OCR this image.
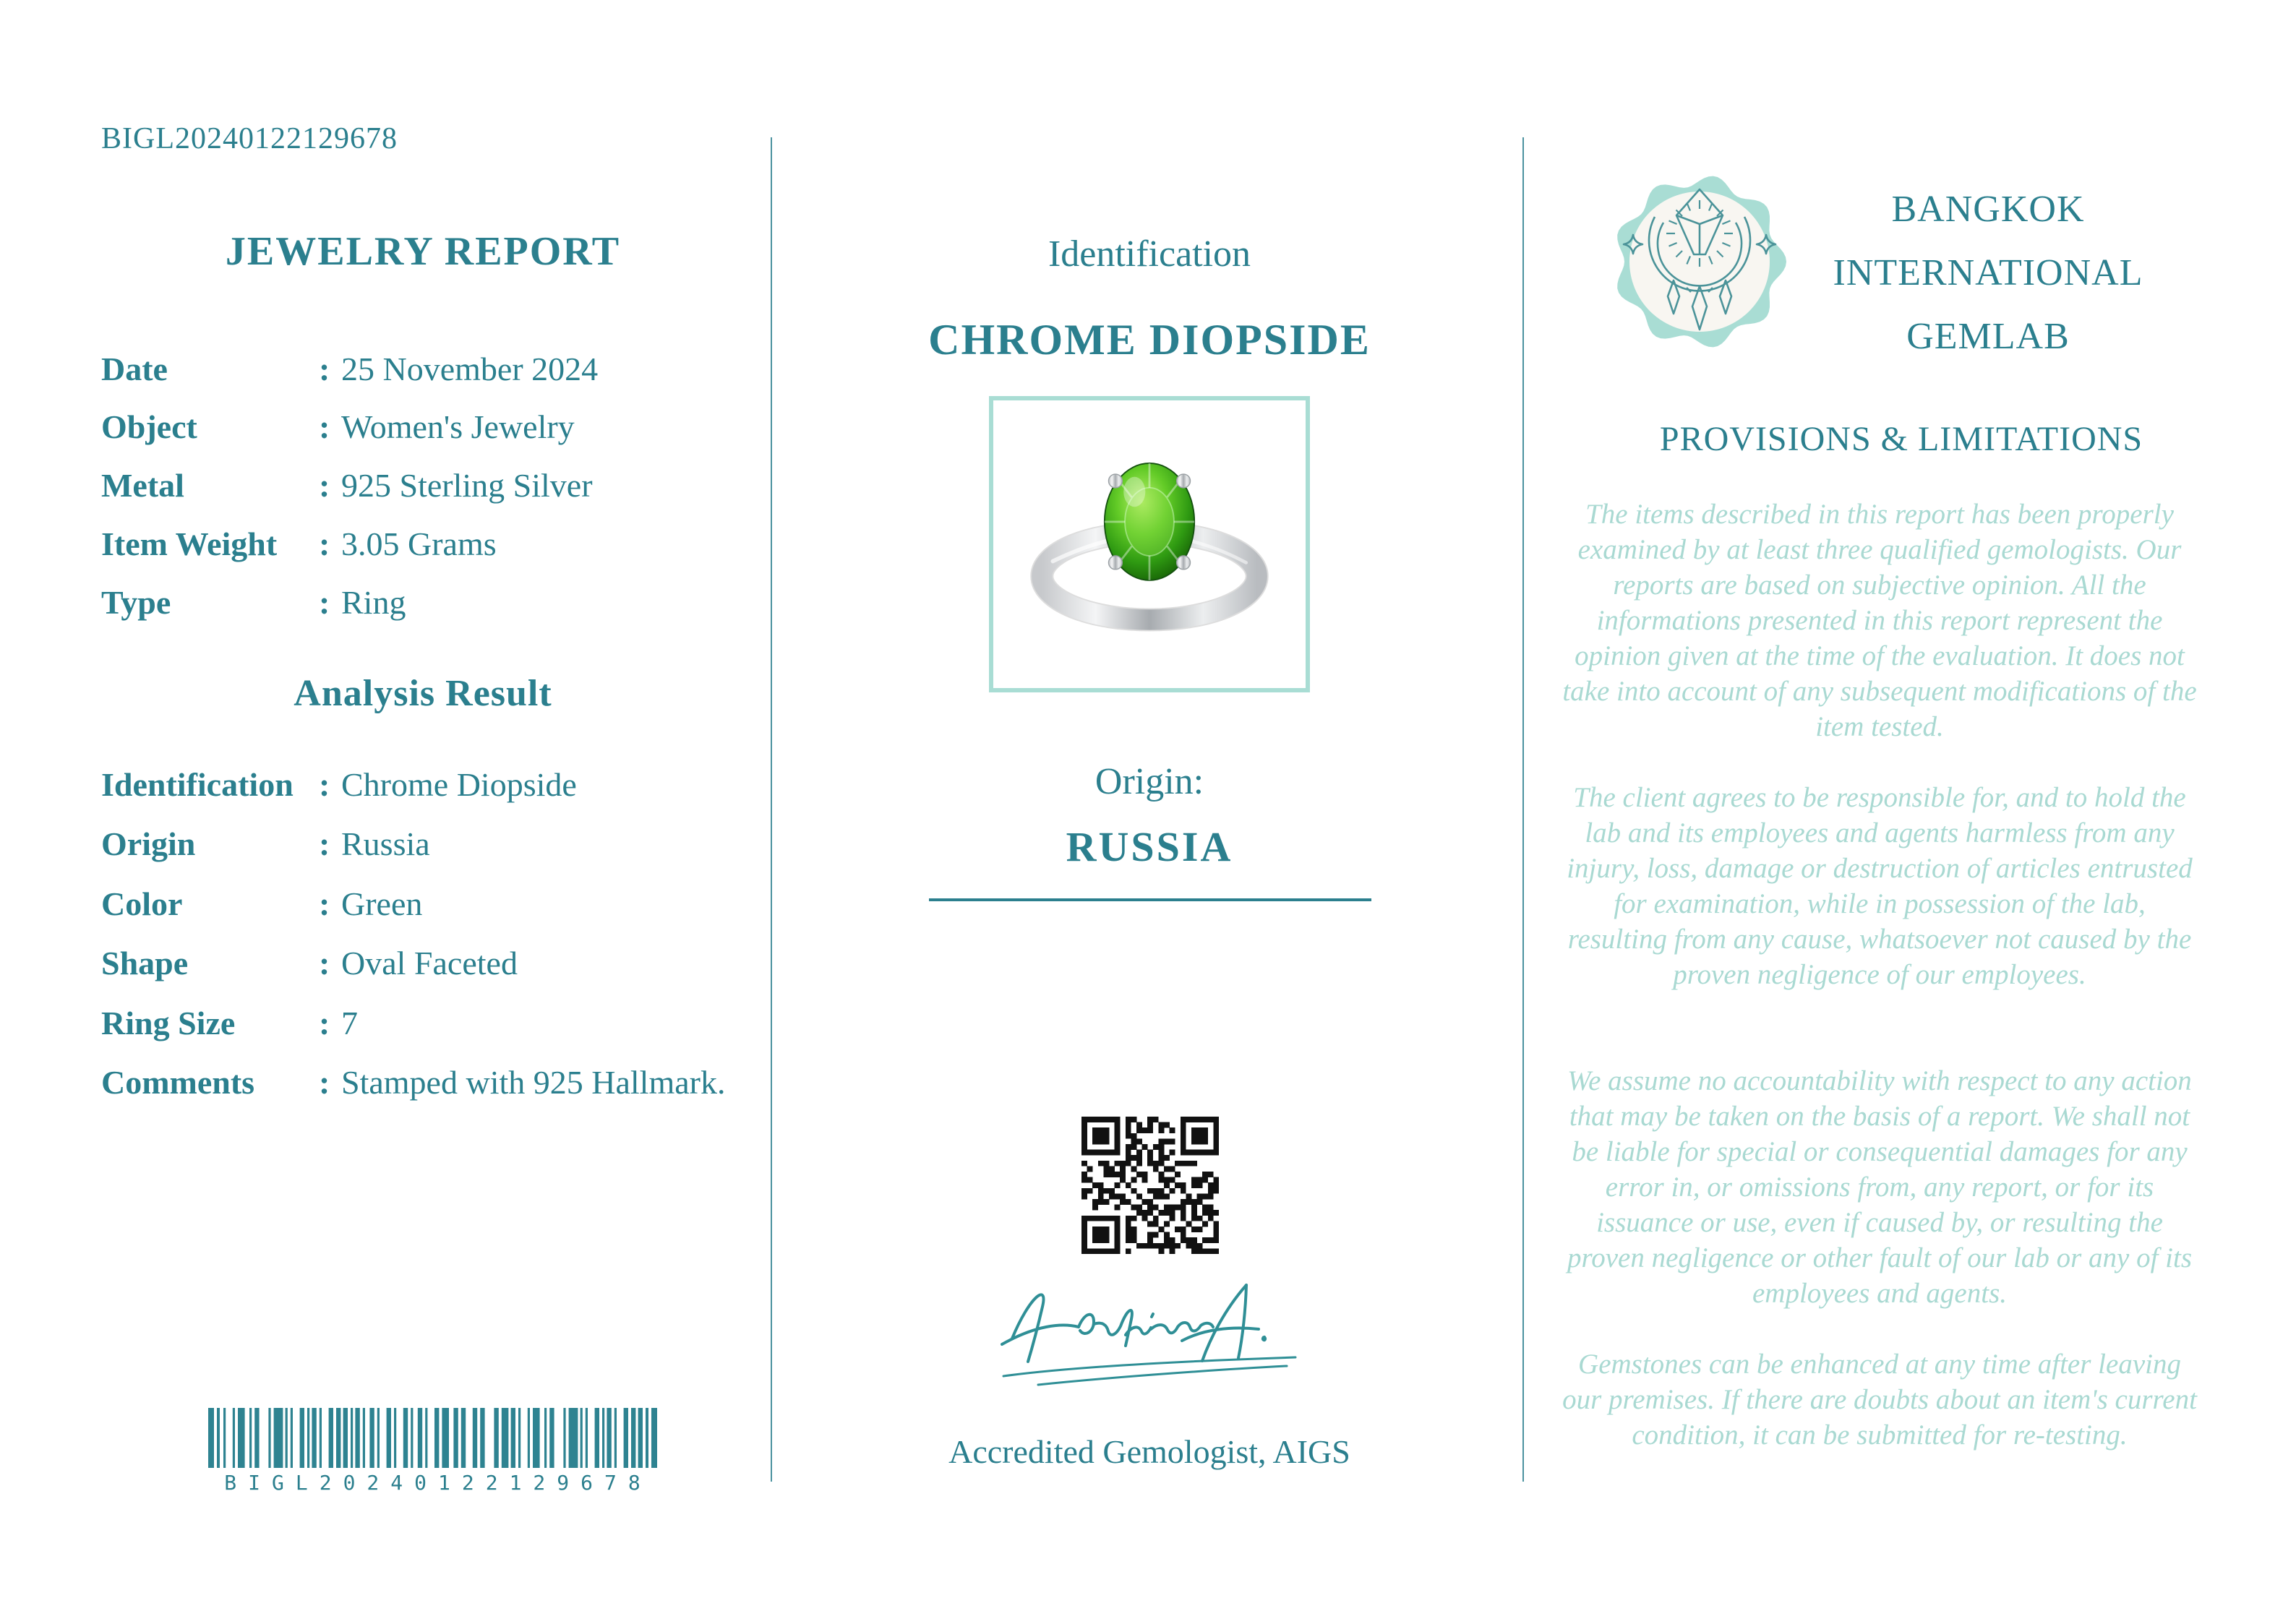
BIGL20240122129678
JEWELRY REPORT
Date	: 25 November 2024
Object	: Women's Jewelry
Metal	: 925 Sterling Silver
Item Weight	: 3.05 Grams
Type	: Ring
Analysis Result
Identification : Chrome Diopside
Origin	: Russia
Color	: Green
Shape	: Oval Faceted
Ring Size	: 7
Comments	: Stamped with 925 Hallmark.
BIGL20240122129678
Identification
CHROME DIOPSIDE
Origin:
RUSSIA
Accredited Gemologist, AIGS
BANGKOK
INTERNATIONAL
GEMLAB
PROVISIONS & LIMITATIONS

The items described in this report has been properly examined by at least three qualified gemologists. Our reports are based on subjective opinion. All the informations presented in this report represent the opinion given at the time of the evaluation. It does not take into account of any subsequent modifications of the item tested.

The client agrees to be responsible for, and to hold the lab and its employees and agents harmless from any injury, loss, damage or destruction of articles entrusted for examination, while in possession of the lab, resulting from any cause, whatsoever not caused by the proven negligence of our employees.

We assume no accountability with respect to any action that may be taken on the basis of a report. We shall not be liable for special or consequential damages for any error in, or omissions from, any report, or for its issuance or use, even if caused by, or resulting the proven negligence or other fault of our lab or any of its employees and agents.

Gemstones can be enhanced at any time after leaving our premises. If there are doubts about an item's current condition, it can be submitted for re-testing.
